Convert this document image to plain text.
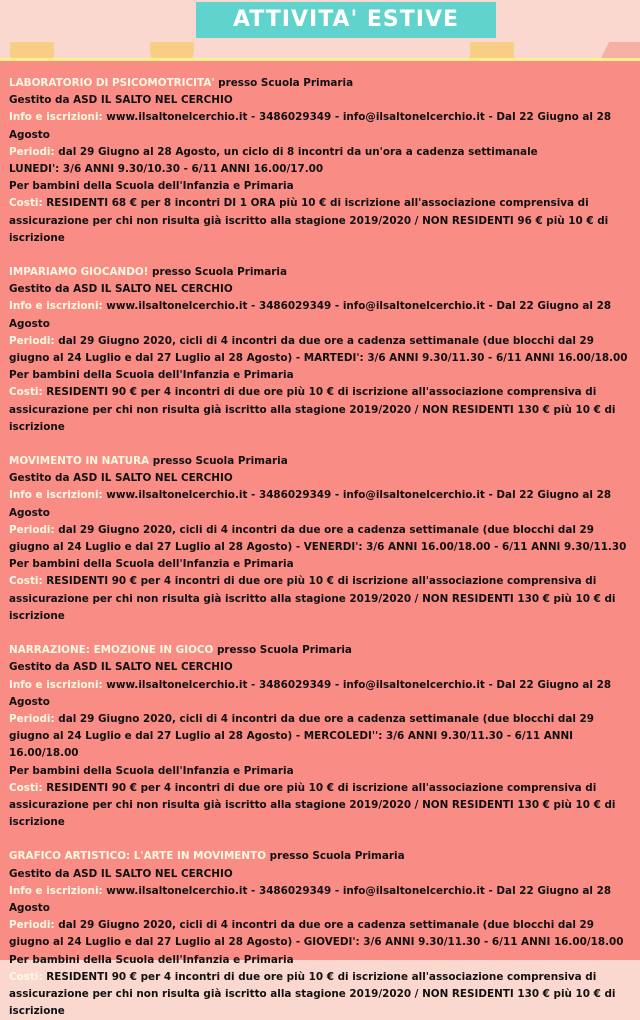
ATTIVITA' ESTIVE

LABORATORIO DI PSICOMOTRICITA' presso Scuola Primaria

Gestito da ASD IL SALTO NEL CERCHIO

Info e iscrizioni: www.ilsaltonelcerchio.it - 3486029349 - info@ilsaltonelcerchio.it - Dal 22 Giugno al 28 Agosto

Periodi: dal 29 Giugno al 28 Agosto, un ciclo di 8 incontri da un'ora a cadenza settimanale

LUNEDI': 3/6 ANNI 9.30/10.30 - 6/11 ANNI 16.00/17.00

Per bambini della Scuola dell'Infanzia e Primaria

Costi: RESIDENTI 68 € per 8 incontri DI 1 ORA più 10 € di iscrizione all'associazione comprensiva di assicurazione per chi non risulta già iscritto alla stagione 2019/2020 / NON RESIDENTI 96 € più 10 € di iscrizione

IMPARIAMO GIOCANDO! presso Scuola Primaria

Gestito da ASD IL SALTO NEL CERCHIO

Info e iscrizioni: www.ilsaltonelcerchio.it - 3486029349 - info@ilsaltonelcerchio.it - Dal 22 Giugno al 28 Agosto

Periodi: dal 29 Giugno 2020, cicli di 4 incontri da due ore a cadenza settimanale (due blocchi dal 29 giugno al 24 Luglio e dal 27 Luglio al 28 Agosto) - MARTEDI': 3/6 ANNI 9.30/11.30 - 6/11 ANNI 16.00/18.00

Per bambini della Scuola dell'Infanzia e Primaria

Costi: RESIDENTI 90 € per 4 incontri di due ore più 10 € di iscrizione all'associazione comprensiva di assicurazione per chi non risulta già iscritto alla stagione 2019/2020 / NON RESIDENTI 130 € più 10 € di iscrizione

MOVIMENTO IN NATURA presso Scuola Primaria

Gestito da ASD IL SALTO NEL CERCHIO

Info e iscrizioni: www.ilsaltonelcerchio.it - 3486029349 - info@ilsaltonelcerchio.it - Dal 22 Giugno al 28 Agosto

Periodi: dal 29 Giugno 2020, cicli di 4 incontri da due ore a cadenza settimanale (due blocchi dal 29 giugno al 24 Luglio e dal 27 Luglio al 28 Agosto) - VENERDI': 3/6 ANNI 16.00/18.00 - 6/11 ANNI 9.30/11.30

Per bambini della Scuola dell'Infanzia e Primaria

Costi: RESIDENTI 90 € per 4 incontri di due ore più 10 € di iscrizione all'associazione comprensiva di assicurazione per chi non risulta già iscritto alla stagione 2019/2020 / NON RESIDENTI 130 € più 10 € di iscrizione

NARRAZIONE: EMOZIONE IN GIOCO presso Scuola Primaria

Gestito da ASD IL SALTO NEL CERCHIO

Info e iscrizioni: www.ilsaltonelcerchio.it - 3486029349 - info@ilsaltonelcerchio.it - Dal 22 Giugno al 28 Agosto

Periodi: dal 29 Giugno 2020, cicli di 4 incontri da due ore a cadenza settimanale (due blocchi dal 29 giugno al 24 Luglio e dal 27 Luglio al 28 Agosto) - MERCOLEDI'': 3/6 ANNI 9.30/11.30 - 6/11 ANNI 16.00/18.00

Per bambini della Scuola dell'Infanzia e Primaria

Costi: RESIDENTI 90 € per 4 incontri di due ore più 10 € di iscrizione all'associazione comprensiva di assicurazione per chi non risulta già iscritto alla stagione 2019/2020 / NON RESIDENTI 130 € più 10 € di iscrizione

GRAFICO ARTISTICO: L'ARTE IN MOVIMENTO presso Scuola Primaria

Gestito da ASD IL SALTO NEL CERCHIO

Info e iscrizioni: www.ilsaltonelcerchio.it - 3486029349 - info@ilsaltonelcerchio.it - Dal 22 Giugno al 28 Agosto

Periodi: dal 29 Giugno 2020, cicli di 4 incontri da due ore a cadenza settimanale (due blocchi dal 29 giugno al 24 Luglio e dal 27 Luglio al 28 Agosto) - GIOVEDI': 3/6 ANNI 9.30/11.30 - 6/11 ANNI 16.00/18.00

Per bambini della Scuola dell'Infanzia e Primaria

Costi: RESIDENTI 90 € per 4 incontri di due ore più 10 € di iscrizione all'associazione comprensiva di assicurazione per chi non risulta già iscritto alla stagione 2019/2020 / NON RESIDENTI 130 € più 10 € di iscrizione
